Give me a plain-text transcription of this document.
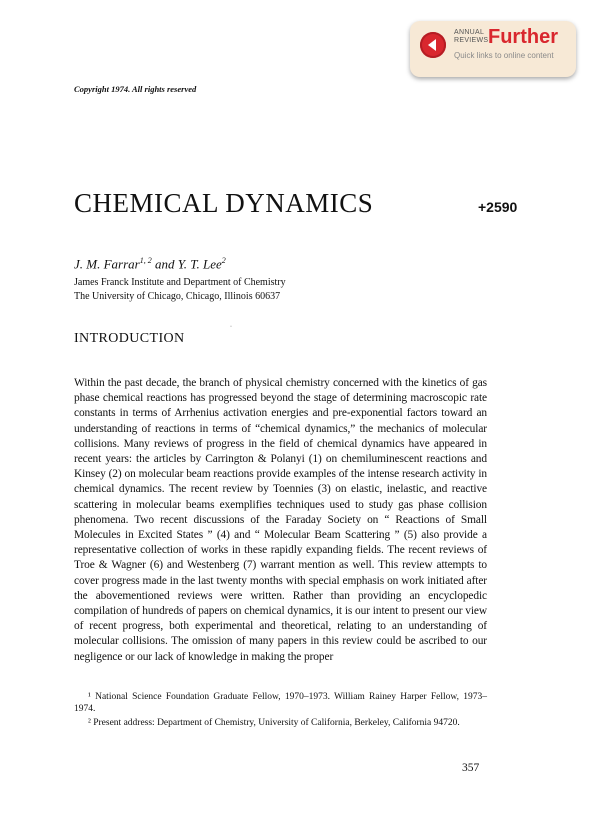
ANNUAL
REVIEWS Further
Quick links to online content
Copyright 1974. All rights reserved
CHEMICAL DYNAMICS	+2590
J. M. Farrar$^{1, 2}$ and Y. T. Lee$^2$
James Franck Institute and Department of Chemistry
The University of Chicago, Chicago, Illinois 60637
·
INTRODUCTION

Within the past decade, the branch of physical chemistry concerned with the kinetics of gas phase chemical reactions has progressed beyond the stage of determining macroscopic rate constants in terms of Arrhenius activation energies and pre-exponential factors toward an understanding of reactions in terms of “chemical dynamics,” the mechanics of molecular collisions. Many reviews of progress in the field of chemical dynamics have appeared in recent years: the articles by Carrington & Polanyi (1) on chemiluminescent reactions and Kinsey (2) on molecular beam reactions provide examples of the intense research activity in chemical dynamics. The recent review by Toennies (3) on elastic, inelastic, and reactive scattering in molecular beams exemplifies techniques used to study gas phase collision phenomena. Two recent discussions of the Faraday Society on “ Reactions of Small Molecules in Excited States ” (4) and “ Molecular Beam Scattering ” (5) also provide a representative collection of works in these rapidly expanding fields. The recent reviews of Troe & Wagner (6) and Westenberg (7) warrant mention as well. This review attempts to cover progress made in the last twenty months with special emphasis on work initiated after the abovementioned reviews were written. Rather than providing an encyclopedic compilation of hundreds of papers on chemical dynamics, it is our intent to present our view of recent progress, both experimental and theoretical, relating to an understanding of molecular collisions. The omission of many papers in this review could be ascribed to our negligence or our lack of knowledge in making the proper

¹ National Science Foundation Graduate Fellow, 1970–1973. William Rainey Harper Fellow, 1973–1974.

² Present address: Department of Chemistry, University of California, Berkeley, California 94720.

357
